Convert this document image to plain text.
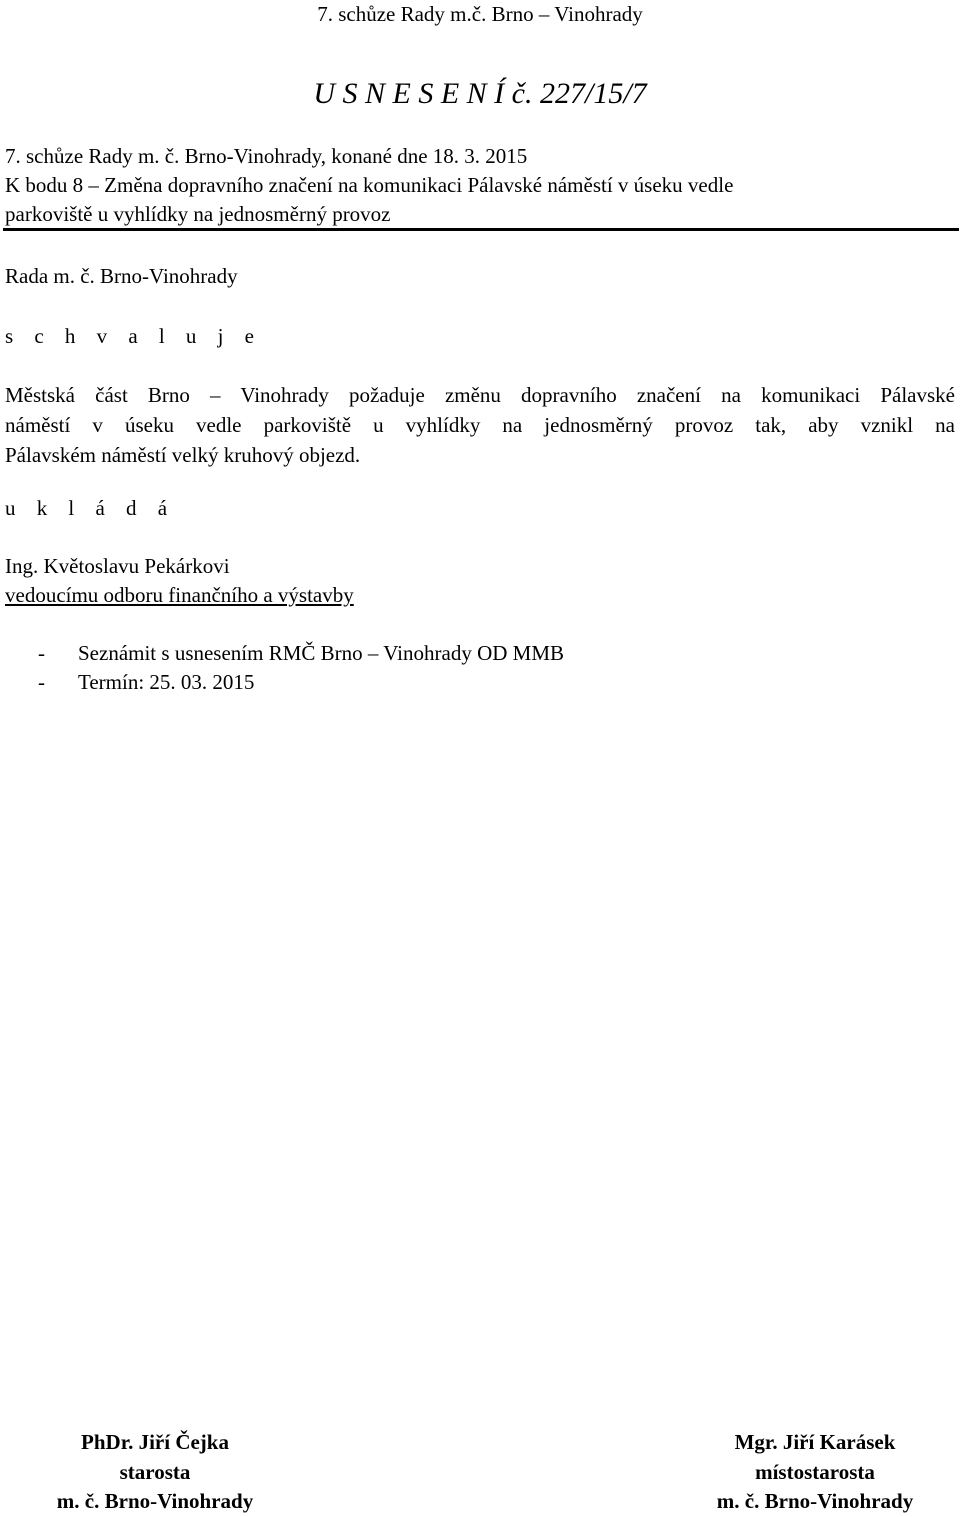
7. schůze Rady m.č. Brno – Vinohrady
U S N E S E N Í č. 227/15/7
7. schůze Rady m. č. Brno-Vinohrady, konané dne 18. 3. 2015
K bodu 8 – Změna dopravního značení na komunikaci Pálavské náměstí v úseku vedle
parkoviště u vyhlídky na jednosměrný provoz
Rada m. č. Brno-Vinohrady
s c h v a l u j e
Městská část Brno – Vinohrady požaduje změnu dopravního značení na komunikaci Pálavské
náměstí v úseku vedle parkoviště u vyhlídky na jednosměrný provoz tak, aby vznikl na
Pálavském náměstí velký kruhový objezd.
u k l á d á
Ing. Květoslavu Pekárkovi
vedoucímu odboru finančního a výstavby
- Seznámit s usnesením RMČ Brno – Vinohrady OD MMB
- Termín: 25. 03. 2015
PhDr. Jiří Čejka
starosta
m. č. Brno-Vinohrady
Mgr. Jiří Karásek
místostarosta
m. č. Brno-Vinohrady
